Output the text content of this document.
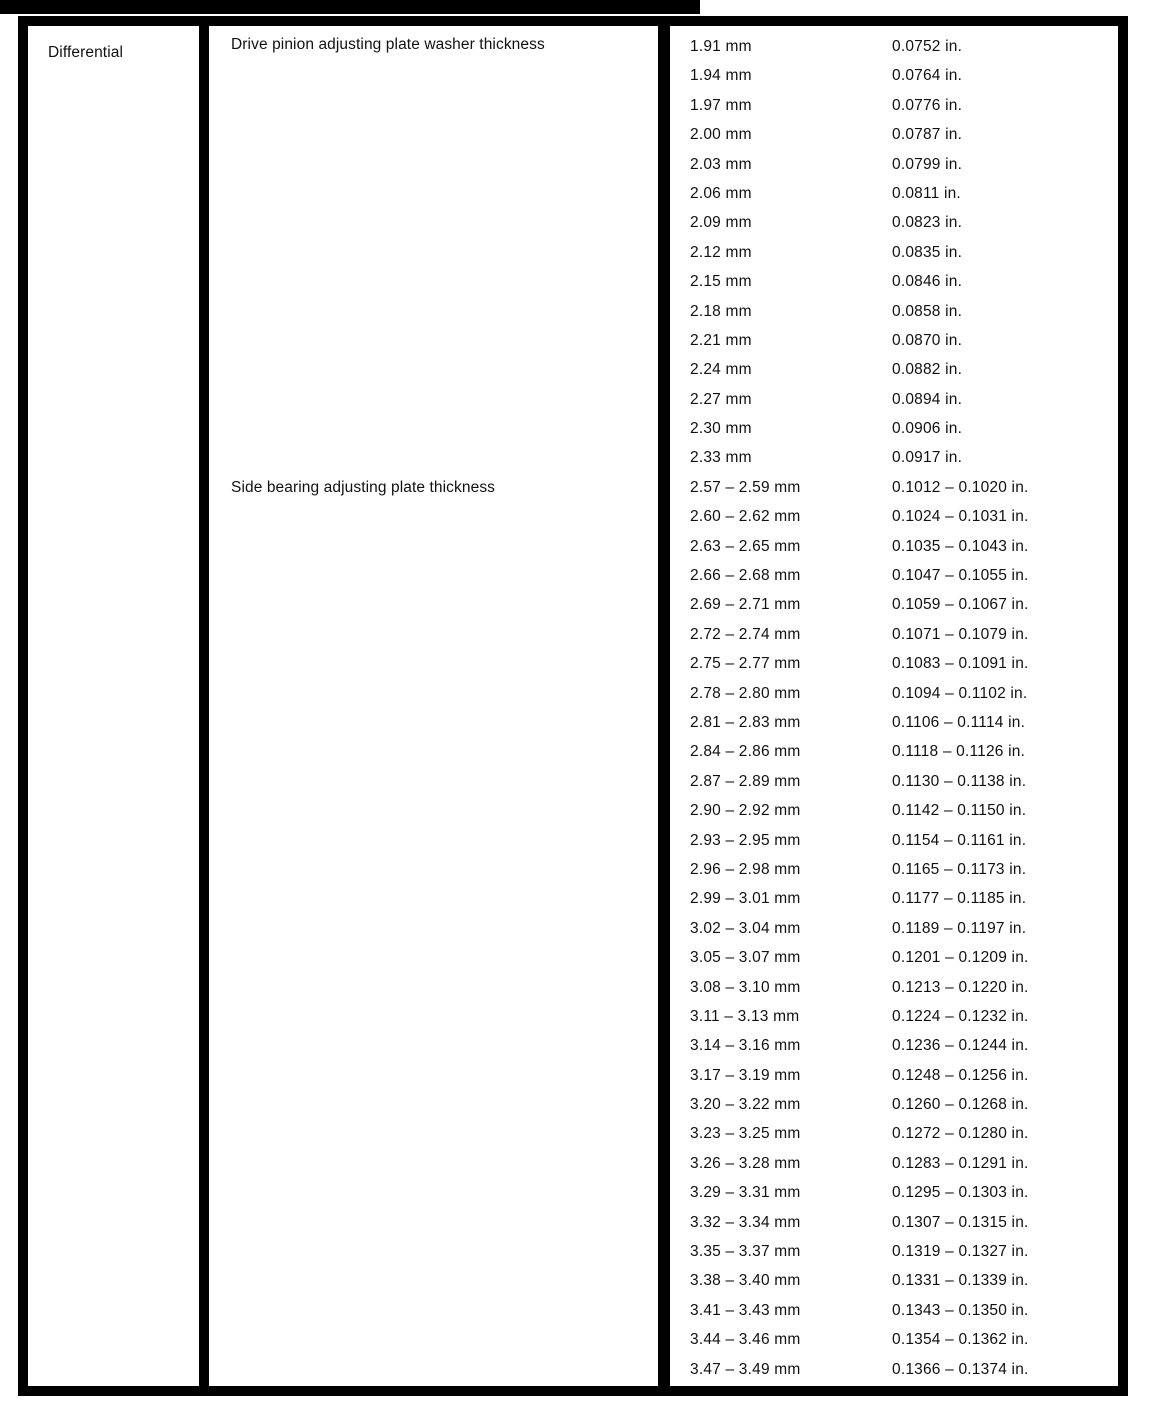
Differential	Drive pinion adjusting plate washer thickness
Side bearing adjusting plate thickness
1.91 mm	0.0752 in.
1.94 mm	0.0764 in.
1.97 mm	0.0776 in.
2.00 mm	0.0787 in.
2.03 mm	0.0799 in.
2.06 mm	0.0811 in.
2.09 mm	0.0823 in.
2.12 mm	0.0835 in.
2.15 mm	0.0846 in.
2.18 mm	0.0858 in.
2.21 mm	0.0870 in.
2.24 mm	0.0882 in.
2.27 mm	0.0894 in.
2.30 mm	0.0906 in.
2.33 mm	0.0917 in.
2.57 – 2.59 mm	0.1012 – 0.1020 in.
2.60 – 2.62 mm	0.1024 – 0.1031 in.
2.63 – 2.65 mm	0.1035 – 0.1043 in.
2.66 – 2.68 mm	0.1047 – 0.1055 in.
2.69 – 2.71 mm	0.1059 – 0.1067 in.
2.72 – 2.74 mm	0.1071 – 0.1079 in.
2.75 – 2.77 mm	0.1083 – 0.1091 in.
2.78 – 2.80 mm	0.1094 – 0.1102 in.
2.81 – 2.83 mm	0.1106 – 0.1114 in.
2.84 – 2.86 mm	0.1118 – 0.1126 in.
2.87 – 2.89 mm	0.1130 – 0.1138 in.
2.90 – 2.92 mm	0.1142 – 0.1150 in.
2.93 – 2.95 mm	0.1154 – 0.1161 in.
2.96 – 2.98 mm	0.1165 – 0.1173 in.
2.99 – 3.01 mm	0.1177 – 0.1185 in.
3.02 – 3.04 mm	0.1189 – 0.1197 in.
3.05 – 3.07 mm	0.1201 – 0.1209 in.
3.08 – 3.10 mm	0.1213 – 0.1220 in.
3.11 – 3.13 mm	0.1224 – 0.1232 in.
3.14 – 3.16 mm	0.1236 – 0.1244 in.
3.17 – 3.19 mm	0.1248 – 0.1256 in.
3.20 – 3.22 mm	0.1260 – 0.1268 in.
3.23 – 3.25 mm	0.1272 – 0.1280 in.
3.26 – 3.28 mm	0.1283 – 0.1291 in.
3.29 – 3.31 mm	0.1295 – 0.1303 in.
3.32 – 3.34 mm	0.1307 – 0.1315 in.
3.35 – 3.37 mm	0.1319 – 0.1327 in.
3.38 – 3.40 mm	0.1331 – 0.1339 in.
3.41 – 3.43 mm	0.1343 – 0.1350 in.
3.44 – 3.46 mm	0.1354 – 0.1362 in.
3.47 – 3.49 mm	0.1366 – 0.1374 in.
